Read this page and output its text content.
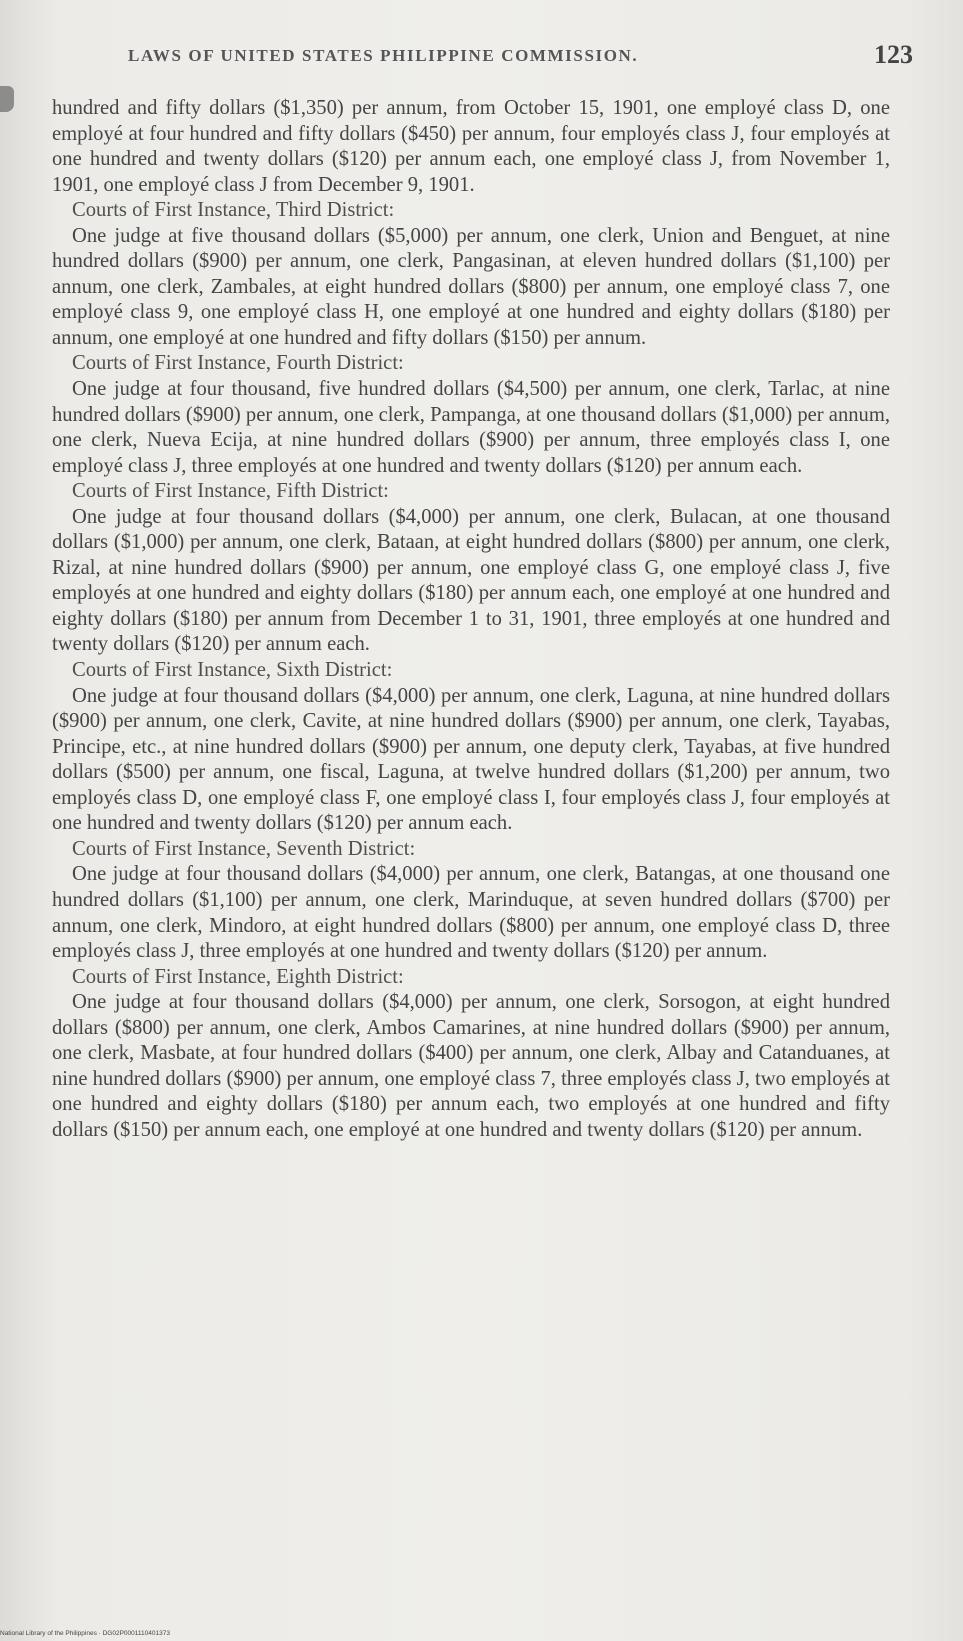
LAWS OF UNITED STATES PHILIPPINE COMMISSION.	123

hundred and fifty dollars ($1,350) per annum, from October 15, 1901, one employé class D, one employé at four hundred and fifty dollars ($450) per annum, four employés class J, four employés at one hundred and twenty dollars ($120) per annum each, one employé class J, from November 1, 1901, one employé class J from December 9, 1901.

Courts of First Instance, Third District:

One judge at five thousand dollars ($5,000) per annum, one clerk, Union and Benguet, at nine hundred dollars ($900) per annum, one clerk, Pangasinan, at eleven hundred dollars ($1,100) per annum, one clerk, Zambales, at eight hundred dollars ($800) per annum, one employé class 7, one employé class 9, one employé class H, one employé at one hundred and eighty dollars ($180) per annum, one employé at one hundred and fifty dollars ($150) per annum.

Courts of First Instance, Fourth District:

One judge at four thousand, five hundred dollars ($4,500) per annum, one clerk, Tarlac, at nine hundred dollars ($900) per annum, one clerk, Pampanga, at one thousand dollars ($1,000) per annum, one clerk, Nueva Ecija, at nine hundred dollars ($900) per annum, three employés class I, one employé class J, three employés at one hundred and twenty dollars ($120) per annum each.

Courts of First Instance, Fifth District:

One judge at four thousand dollars ($4,000) per annum, one clerk, Bulacan, at one thousand dollars ($1,000) per annum, one clerk, Bataan, at eight hundred dollars ($800) per annum, one clerk, Rizal, at nine hundred dollars ($900) per annum, one employé class G, one employé class J, five employés at one hundred and eighty dollars ($180) per annum each, one employé at one hundred and eighty dollars ($180) per annum from December 1 to 31, 1901, three employés at one hundred and twenty dollars ($120) per annum each.

Courts of First Instance, Sixth District:

One judge at four thousand dollars ($4,000) per annum, one clerk, Laguna, at nine hundred dollars ($900) per annum, one clerk, Cavite, at nine hundred dollars ($900) per annum, one clerk, Tayabas, Principe, etc., at nine hundred dollars ($900) per annum, one deputy clerk, Tayabas, at five hundred dollars ($500) per annum, one fiscal, Laguna, at twelve hundred dollars ($1,200) per annum, two employés class D, one employé class F, one employé class I, four employés class J, four employés at one hundred and twenty dollars ($120) per annum each.

Courts of First Instance, Seventh District:

One judge at four thousand dollars ($4,000) per annum, one clerk, Batangas, at one thousand one hundred dollars ($1,100) per annum, one clerk, Marinduque, at seven hundred dollars ($700) per annum, one clerk, Mindoro, at eight hundred dollars ($800) per annum, one employé class D, three employés class J, three employés at one hundred and twenty dollars ($120) per annum.

Courts of First Instance, Eighth District:

One judge at four thousand dollars ($4,000) per annum, one clerk, Sorsogon, at eight hundred dollars ($800) per annum, one clerk, Ambos Camarines, at nine hundred dollars ($900) per annum, one clerk, Masbate, at four hundred dollars ($400) per annum, one clerk, Albay and Catanduanes, at nine hundred dollars ($900) per annum, one employé class 7, three employés class J, two employés at one hundred and eighty dollars ($180) per annum each, two employés at one hundred and fifty dollars ($150) per annum each, one employé at one hundred and twenty dollars ($120) per annum.

National Library of the Philippines · DG02P0001110401373
